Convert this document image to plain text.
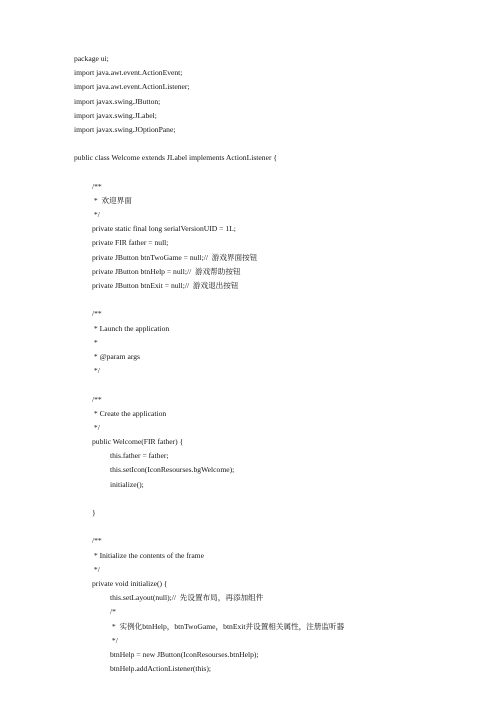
package ui;
import java.awt.event.ActionEvent;
import java.awt.event.ActionListener;
import javax.swing.JButton;
import javax.swing.JLabel;
import javax.swing.JOptionPane;
public class Welcome extends JLabel implements ActionListener {
/**
*  欢迎界面
*/
private static final long serialVersionUID = 1L;
private FIR father = null;
private JButton btnTwoGame = null;//  游戏界面按钮
private JButton btnHelp = null;//  游戏帮助按钮
private JButton btnExit = null;//  游戏退出按钮
/**
* Launch the application
*
* @param args
*/
/**
* Create the application
*/
public Welcome(FIR father) {
this.father = father;
this.setIcon(IconResourses.bgWelcome);
initialize();
}
/**
* Initialize the contents of the frame
*/
private void initialize() {
this.setLayout(null);//  先设置布局，再添加组件
/*
*  实例化btnHelp，btnTwoGame，btnExit并设置相关属性，注册监听器
*/
btnHelp = new JButton(IconResourses.btnHelp);
btnHelp.addActionListener(this);
